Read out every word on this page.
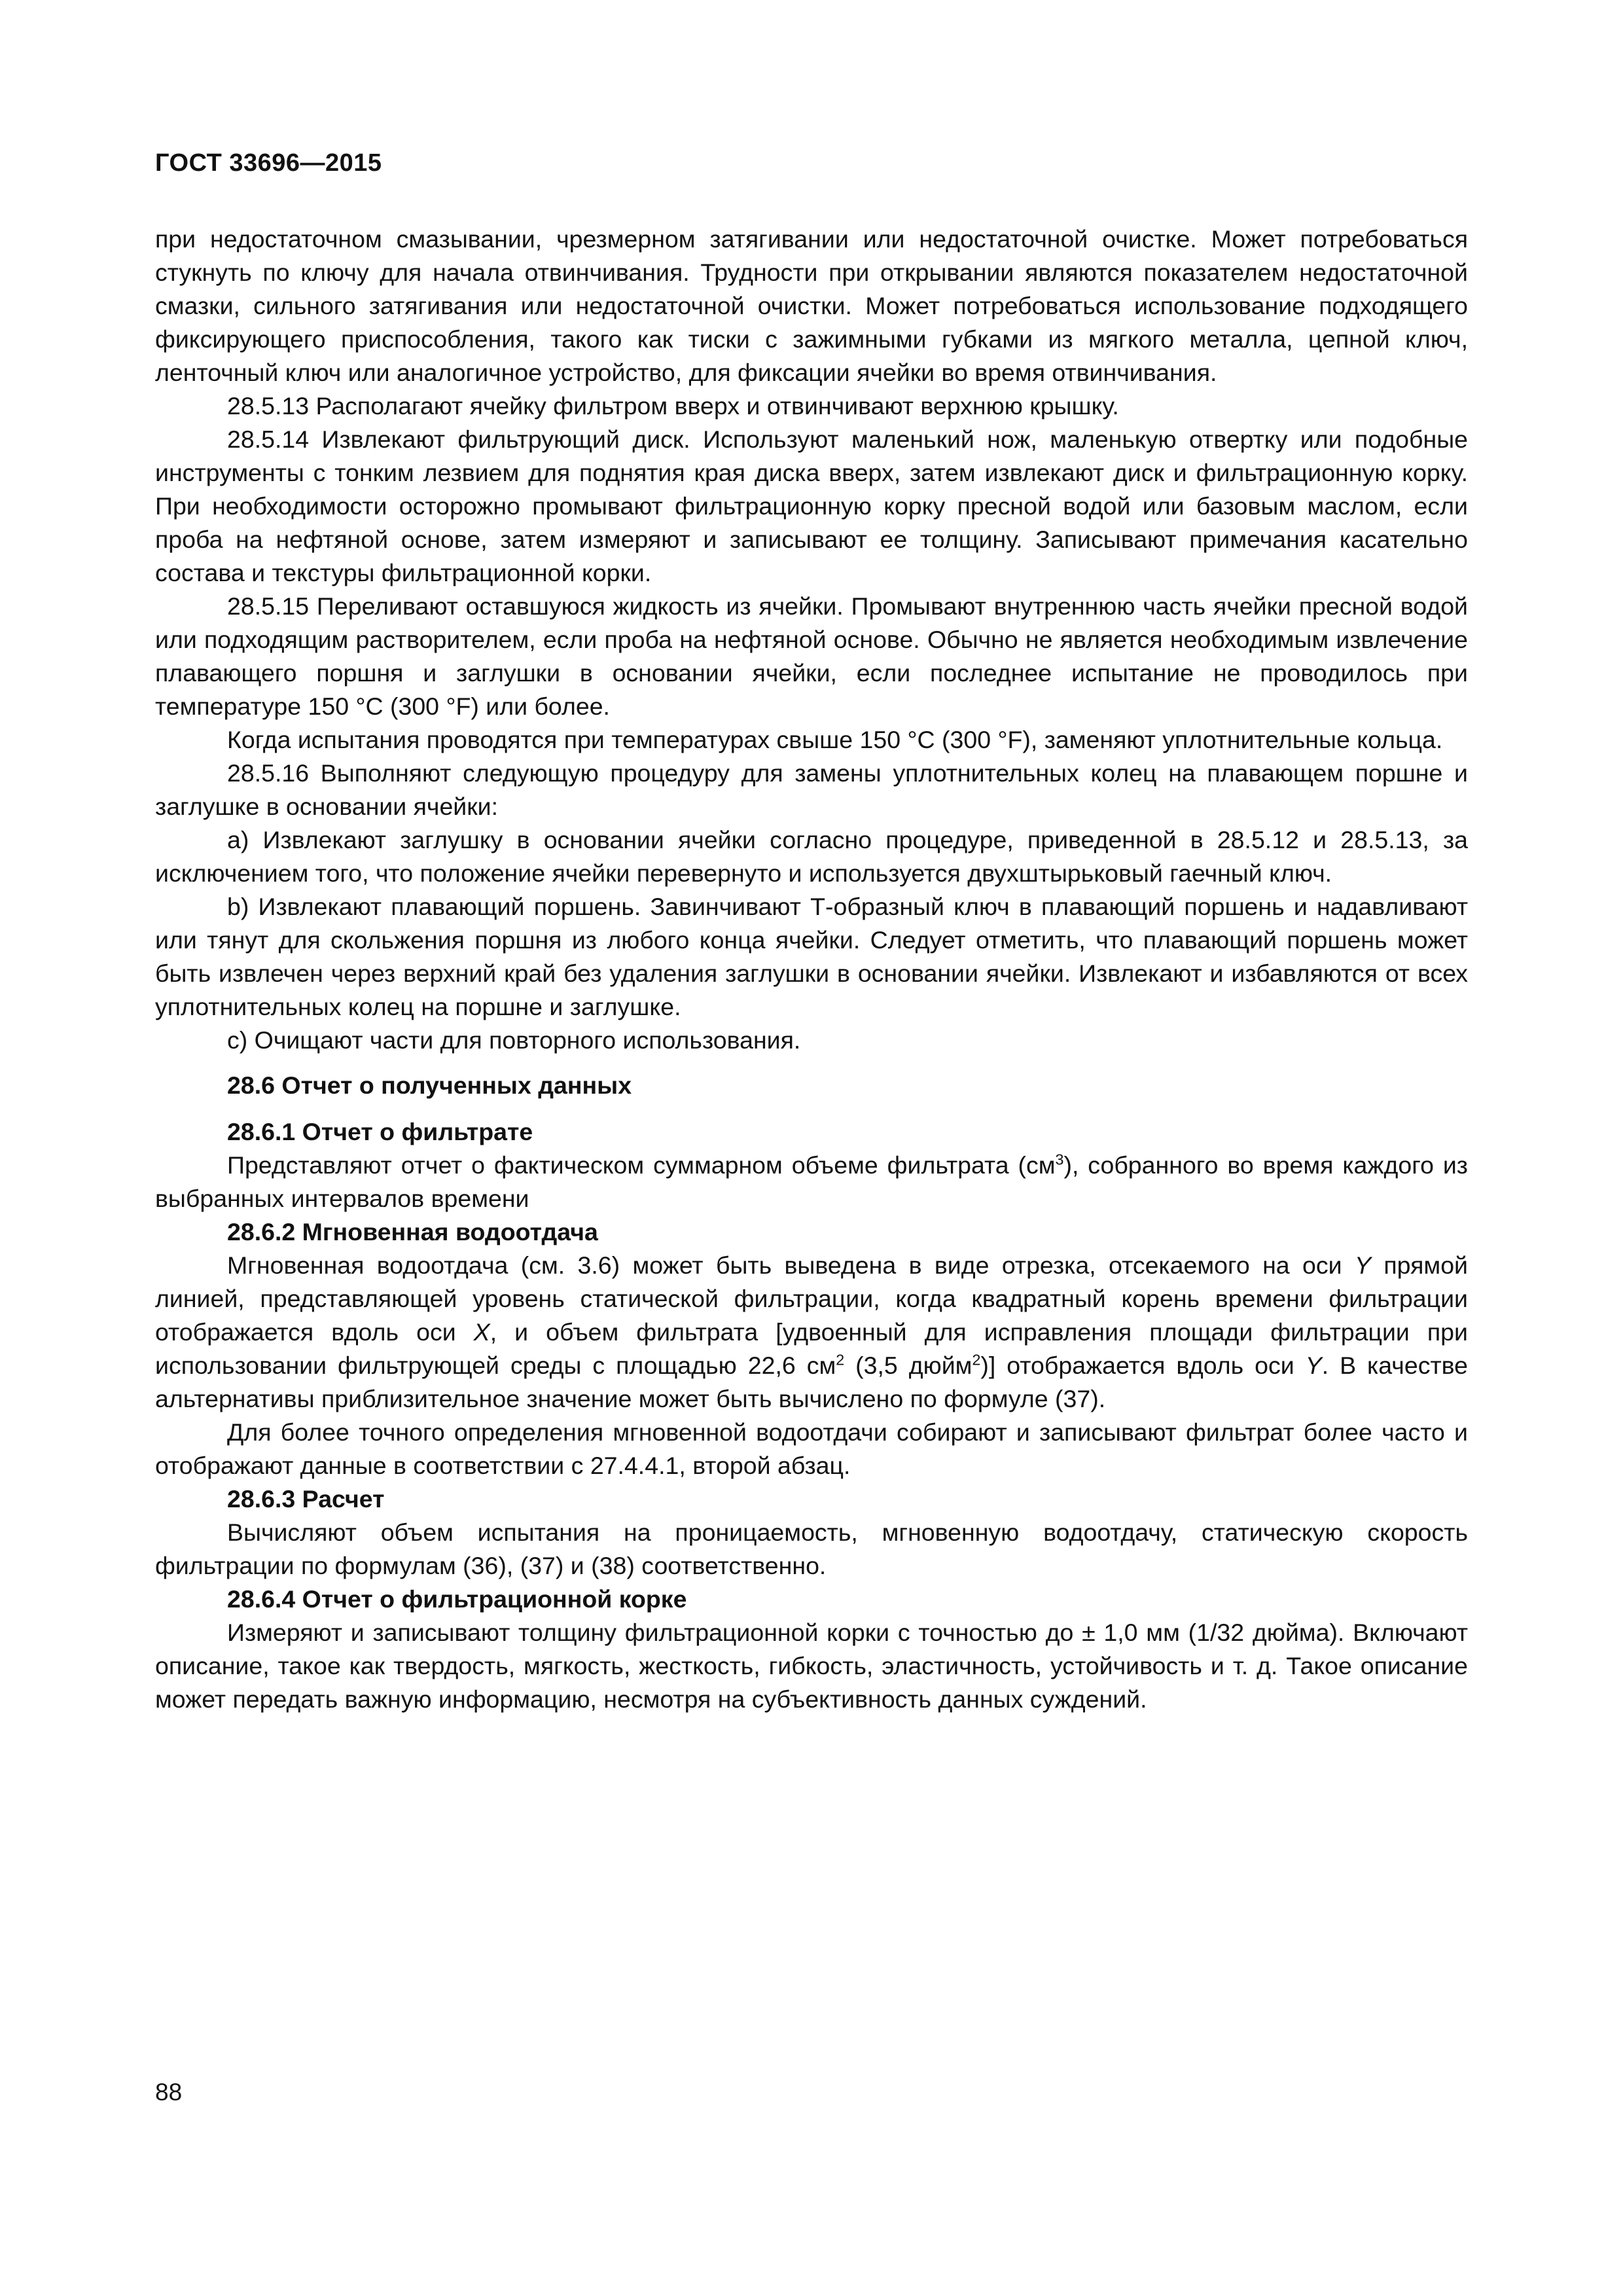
ГОСТ 33696—2015

при недостаточном смазывании, чрезмерном затягивании или недостаточной очистке. Может потребоваться стукнуть по ключу для начала отвинчивания. Трудности при открывании являются показателем недостаточной смазки, сильного затягивания или недостаточной очистки. Может потребоваться использование подходящего фиксирующего приспособления, такого как тиски с зажимными губками из мягкого металла, цепной ключ, ленточный ключ или аналогичное устройство, для фиксации ячейки во время отвинчивания.

28.5.13 Располагают ячейку фильтром вверх и отвинчивают верхнюю крышку.

28.5.14 Извлекают фильтрующий диск. Используют маленький нож, маленькую отвертку или подобные инструменты с тонким лезвием для поднятия края диска вверх, затем извлекают диск и фильтрационную корку. При необходимости осторожно промывают фильтрационную корку пресной водой или базовым маслом, если проба на нефтяной основе, затем измеряют и записывают ее толщину. Записывают примечания касательно состава и текстуры фильтрационной корки.

28.5.15 Переливают оставшуюся жидкость из ячейки. Промывают внутреннюю часть ячейки пресной водой или подходящим растворителем, если проба на нефтяной основе. Обычно не является необходимым извлечение плавающего поршня и заглушки в основании ячейки, если последнее испытание не проводилось при температуре 150 °С (300 °F) или более.

Когда испытания проводятся при температурах свыше 150 °С (300 °F), заменяют уплотнительные кольца.

28.5.16 Выполняют следующую процедуру для замены уплотнительных колец на плавающем поршне и заглушке в основании ячейки:

а) Извлекают заглушку в основании ячейки согласно процедуре, приведенной в 28.5.12 и 28.5.13, за исключением того, что положение ячейки перевернуто и используется двухштырьковый гаечный ключ.

b) Извлекают плавающий поршень. Завинчивают Т-образный ключ в плавающий поршень и надавливают или тянут для скольжения поршня из любого конца ячейки. Следует отметить, что плавающий поршень может быть извлечен через верхний край без удаления заглушки в основании ячейки. Извлекают и избавляются от всех уплотнительных колец на поршне и заглушке.

с) Очищают части для повторного использования.

28.6 Отчет о полученных данных
28.6.1 Отчет о фильтрате

Представляют отчет о фактическом суммарном объеме фильтрата $(см^3)$, собранного во время каждого из выбранных интервалов времени

28.6.2 Мгновенная водоотдача

Мгновенная водоотдача (см. 3.6) может быть выведена в виде отрезка, отсекаемого на оси Y прямой линией, представляющей уровень статической фильтрации, когда квадратный корень времени фильтрации отображается вдоль оси X, и объем фильтрата [удвоенный для исправления площади фильтрации при использовании фильтрующей среды с площадью 22,6 $см^2$ (3,5 дюйм$^2$)] отображается вдоль оси Y. В качестве альтернативы приблизительное значение может быть вычислено по формуле (37).

Для более точного определения мгновенной водоотдачи собирают и записывают фильтрат более часто и отображают данные в соответствии с 27.4.4.1, второй абзац.

28.6.3 Расчет

Вычисляют объем испытания на проницаемость, мгновенную водоотдачу, статическую скорость фильтрации по формулам (36), (37) и (38) соответственно.

28.6.4 Отчет о фильтрационной корке

Измеряют и записывают толщину фильтрационной корки с точностью до ± 1,0 мм (1/32 дюйма). Включают описание, такое как твердость, мягкость, жесткость, гибкость, эластичность, устойчивость и т. д. Такое описание может передать важную информацию, несмотря на субъективность данных суждений.

88
